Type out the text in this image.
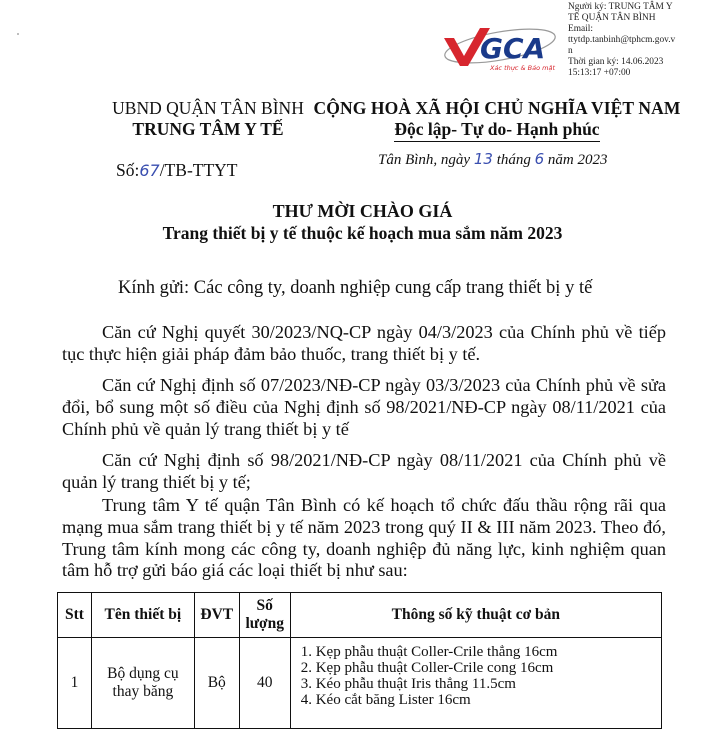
Người ký: TRUNG TÂM Y
TẾ QUẬN TÂN BÌNH
Email:
ttytdp.tanbinh@tphcm.gov.v
n
Thời gian ký: 14.06.2023
15:13:17 +07:00
GCA
Xác thực & Bảo mật
UBND QUẬN TÂN BÌNH
TRUNG TÂM Y TẾ
CỘNG HOÀ XÃ HỘI CHỦ NGHĨA VIỆT NAM
Độc lập- Tự do- Hạnh phúc
Số:67/TB-TTYT	Tân Bình, ngày 13 tháng 6 năm 2023
THƯ MỜI CHÀO GIÁ
Trang thiết bị y tế thuộc kế hoạch mua sắm năm 2023
Kính gửi: Các công ty, doanh nghiệp cung cấp trang thiết bị y tế
Căn cứ Nghị quyết 30/2023/NQ-CP ngày 04/3/2023 của Chính phủ về tiếp tục thực hiện giải pháp đảm bảo thuốc, trang thiết bị y tế.
Căn cứ Nghị định số 07/2023/NĐ-CP ngày 03/3/2023 của Chính phủ về sửa đổi, bổ sung một số điều của Nghị định số 98/2021/NĐ-CP ngày 08/11/2021 của Chính phủ về quản lý trang thiết bị y tế
Căn cứ Nghị định số 98/2021/NĐ-CP ngày 08/11/2021 của Chính phủ về quản lý trang thiết bị y tế;
Trung tâm Y tế quận Tân Bình có kế hoạch tổ chức đấu thầu rộng rãi qua mạng mua sắm trang thiết bị y tế năm 2023 trong quý II & III năm 2023. Theo đó, Trung tâm kính mong các công ty, doanh nghiệp đủ năng lực, kinh nghiệm quan tâm hỗ trợ gửi báo giá các loại thiết bị như sau:
Stt	Tên thiết bị	ĐVT	Số
lượng	Thông số kỹ thuật cơ bản
1	Bộ dụng cụ thay băng	Bộ	40	1. Kẹp phẫu thuật Coller-Crile thẳng 16cm
2. Kẹp phẫu thuật Coller-Crile cong 16cm
3. Kéo phẫu thuật Iris thẳng 11.5cm
4. Kéo cắt băng Lister 16cm
